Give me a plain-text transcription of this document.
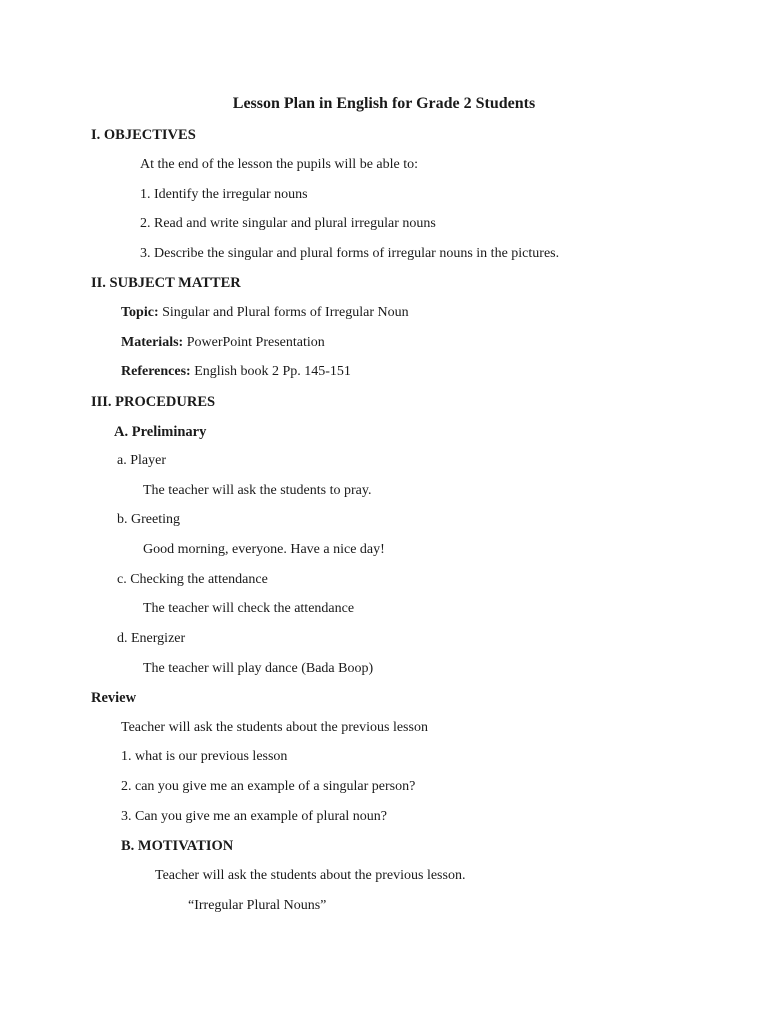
Lesson Plan in English for Grade 2 Students
I. OBJECTIVES
At the end of the lesson the pupils will be able to:
1. Identify the irregular nouns
2. Read and write singular and plural irregular nouns
3. Describe the singular and plural forms of irregular nouns in the pictures.
II. SUBJECT MATTER
Topic: Singular and Plural forms of Irregular Noun
Materials: PowerPoint Presentation
References: English book 2 Pp. 145-151
III. PROCEDURES
A. Preliminary
a. Player
The teacher will ask the students to pray.
b. Greeting
Good morning, everyone. Have a nice day!
c. Checking the attendance
The teacher will check the attendance
d. Energizer
The teacher will play dance (Bada Boop)
Review
Teacher will ask the students about the previous lesson
1. what is our previous lesson
2. can you give me an example of a singular person?
3. Can you give me an example of plural noun?
B. MOTIVATION
Teacher will ask the students about the previous lesson.
“Irregular Plural Nouns”
